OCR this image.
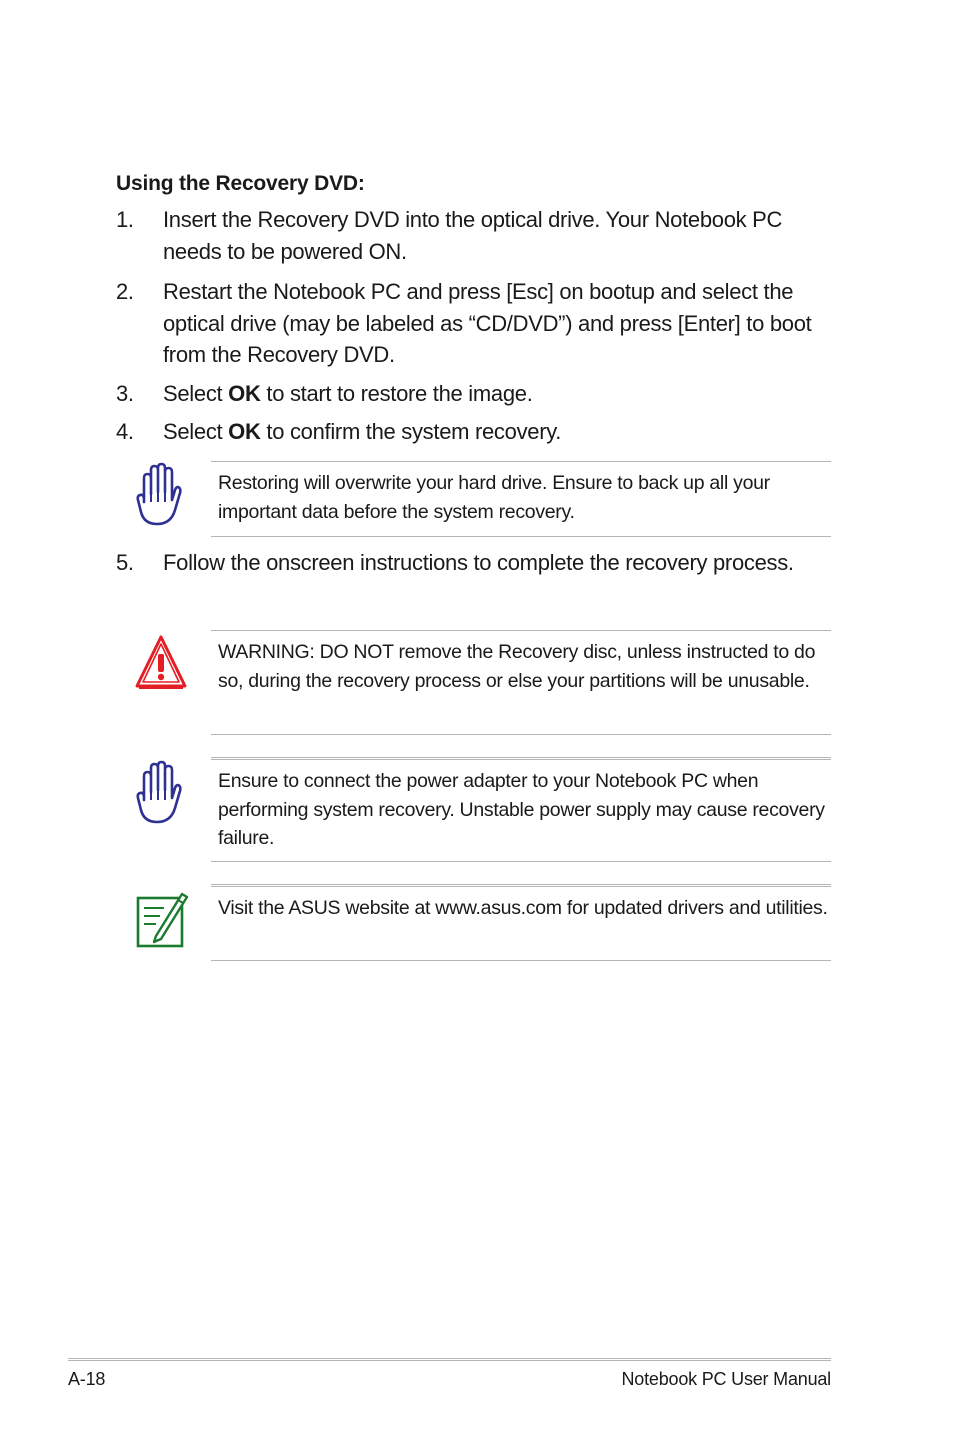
Using the Recovery DVD:
1.	Insert the Recovery DVD into the optical drive. Your Notebook PC needs to be powered ON.
2.	Restart the Notebook PC and press [Esc] on bootup and select the optical drive (may be labeled as “CD/DVD”) and press [Enter] to boot from the Recovery DVD.
3.	Select OK to start to restore the image.
4.	Select OK to confirm the system recovery.
Restoring will overwrite your hard drive. Ensure to back up all your important data before the system recovery.
5.	Follow the onscreen instructions to complete the recovery process.
WARNING: DO NOT remove the Recovery disc, unless instructed to do so, during the recovery process or else your partitions will be unusable.
Ensure to connect the power adapter to your Notebook PC when performing system recovery. Unstable power supply may cause recovery failure.
Visit the ASUS website at www.asus.com for updated drivers and utilities.
A-18	Notebook PC User Manual
